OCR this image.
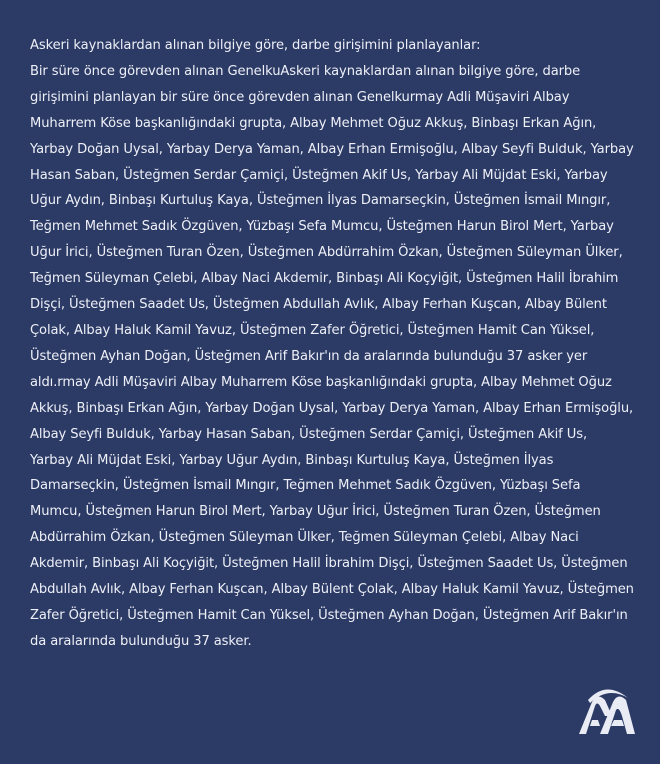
Askeri kaynaklardan alınan bilgiye göre, darbe girişimini planlayanlar:

Bir süre önce görevden alınan GenelkuAskeri kaynaklardan alınan bilgiye göre, darbe girişimini planlayan bir süre önce görevden alınan Genelkurmay Adli Müşaviri Albay Muharrem Köse başkanlığındaki grupta, Albay Mehmet Oğuz Akkuş, Binbaşı Erkan Ağın, Yarbay Doğan Uysal, Yarbay Derya Yaman, Albay Erhan Ermişoğlu, Albay Seyfi Bulduk, Yarbay Hasan Saban, Üsteğmen Serdar Çamiçi, Üsteğmen Akif Us, Yarbay Ali Müjdat Eski, Yarbay Uğur Aydın, Binbaşı Kurtuluş Kaya, Üsteğmen İlyas Damarseçkin, Üsteğmen İsmail Mıngır, Teğmen Mehmet Sadık Özgüven, Yüzbaşı Sefa Mumcu, Üsteğmen Harun Birol Mert, Yarbay Uğur İrici, Üsteğmen Turan Özen, Üsteğmen Abdürrahim Özkan, Üsteğmen Süleyman Ülker, Teğmen Süleyman Çelebi, Albay Naci Akdemir, Binbaşı Ali Koçyiğit, Üsteğmen Halil İbrahim Dişçi, Üsteğmen Saadet Us, Üsteğmen Abdullah Avlık, Albay Ferhan Kuşcan, Albay Bülent Çolak, Albay Haluk Kamil Yavuz, Üsteğmen Zafer Öğretici, Üsteğmen Hamit Can Yüksel, Üsteğmen Ayhan Doğan, Üsteğmen Arif Bakır'ın da aralarında bulunduğu 37 asker yer aldı.rmay Adli Müşaviri Albay Muharrem Köse başkanlığındaki grupta, Albay Mehmet Oğuz Akkuş, Binbaşı Erkan Ağın, Yarbay Doğan Uysal, Yarbay Derya Yaman, Albay Erhan Ermişoğlu, Albay Seyfi Bulduk, Yarbay Hasan Saban, Üsteğmen Serdar Çamiçi, Üsteğmen Akif Us, Yarbay Ali Müjdat Eski, Yarbay Uğur Aydın, Binbaşı Kurtuluş Kaya, Üsteğmen İlyas Damarseçkin, Üsteğmen İsmail Mıngır, Teğmen Mehmet Sadık Özgüven, Yüzbaşı Sefa Mumcu, Üsteğmen Harun Birol Mert, Yarbay Uğur İrici, Üsteğmen Turan Özen, Üsteğmen Abdürrahim Özkan, Üsteğmen Süleyman Ülker, Teğmen Süleyman Çelebi, Albay Naci Akdemir, Binbaşı Ali Koçyiğit, Üsteğmen Halil İbrahim Dişçi, Üsteğmen Saadet Us, Üsteğmen Abdullah Avlık, Albay Ferhan Kuşcan, Albay Bülent Çolak, Albay Haluk Kamil Yavuz, Üsteğmen Zafer Öğretici, Üsteğmen Hamit Can Yüksel, Üsteğmen Ayhan Doğan, Üsteğmen Arif Bakır'ın da aralarında bulunduğu 37 asker.
